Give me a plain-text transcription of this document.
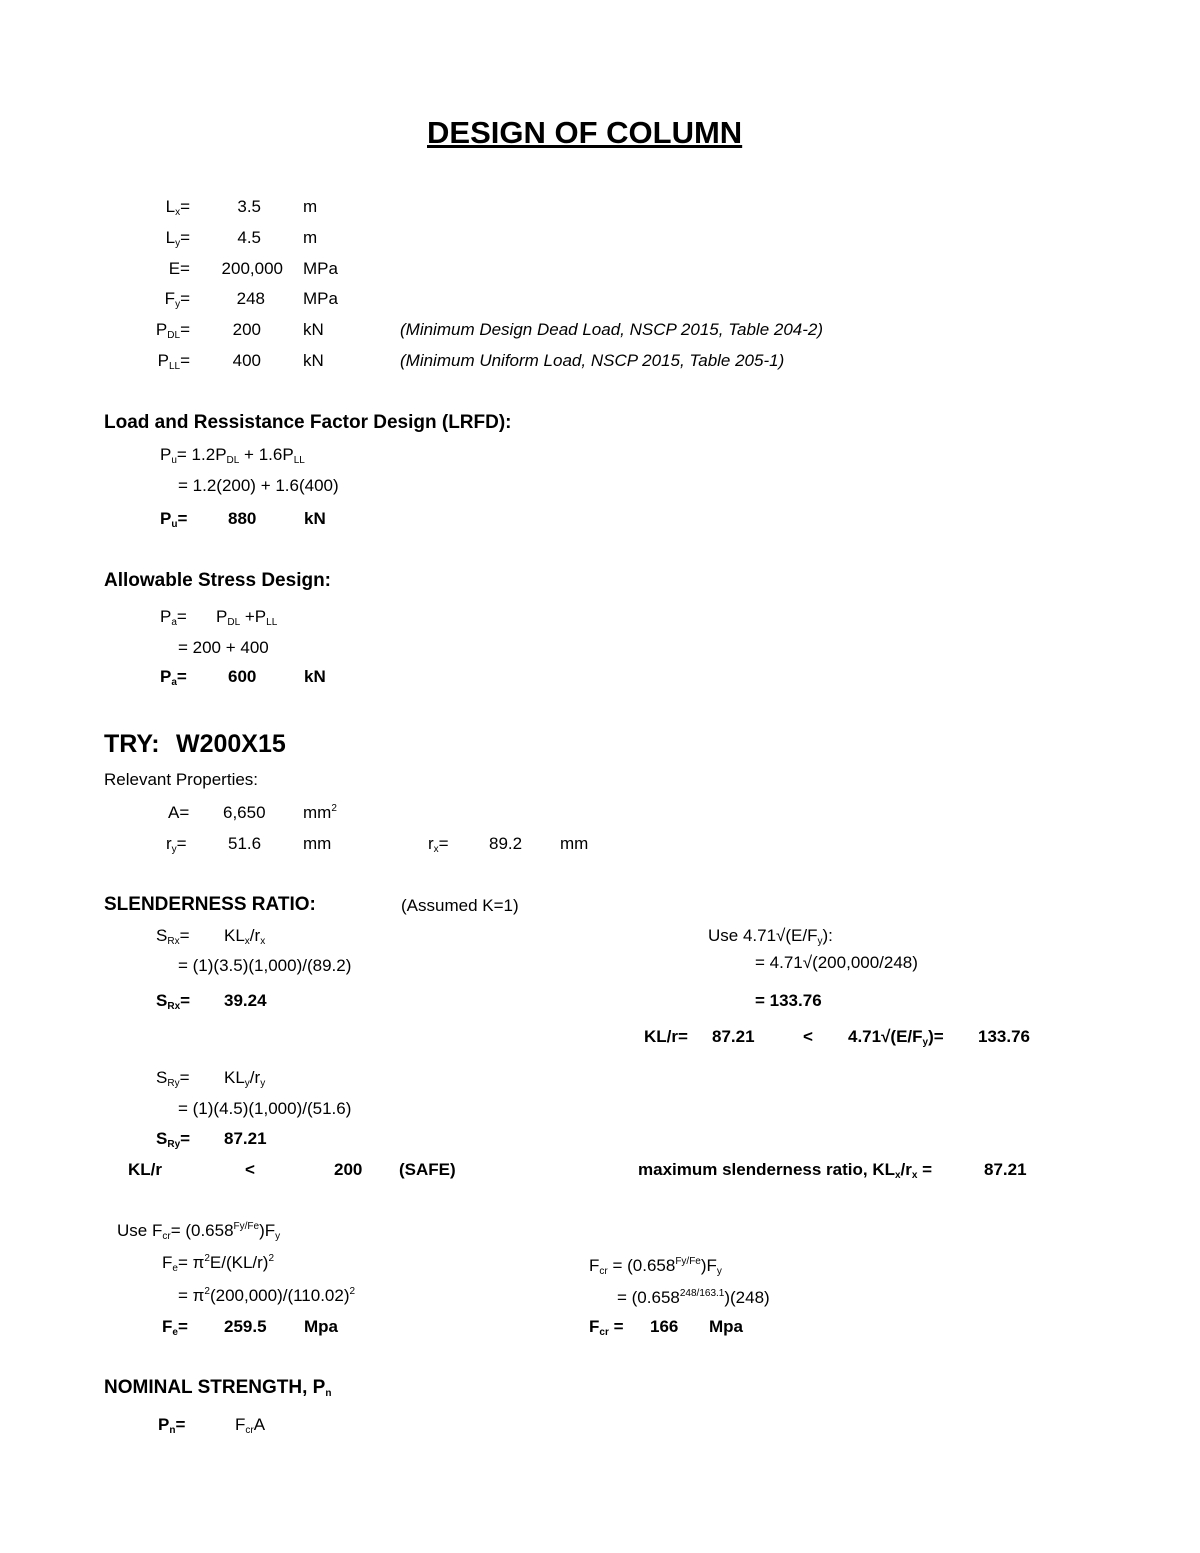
DESIGN OF COLUMN
$L_x=$	3.5 m
$L_y=$	4.5 m
E=	200,000 MPa
$F_y=$	248 MPa
$P_{DL}=$	200 kN	(Minimum Design Dead Load, NSCP 2015, Table 204-2)
$P_{LL}=$	400 kN	(Minimum Uniform Load, NSCP 2015, Table 205-1)
Load and Ressistance Factor Design (LRFD):
$P_u= 1.2P_{DL} + 1.6P_{LL}$
= 1.2(200) + 1.6(400)
$P_u= 880$	kN
Allowable Stress Design:
$P_a= P_{DL} +P_{LL}$
= 200 + 400
$P_a= 600$	kN
TRY: W200X15
Relevant Properties:
A= 6,650 $mm^2$
$r_y= 51.6$ mm	$r_x= 89.2$ mm
SLENDERNESS RATIO:	(Assumed K=1)
$S_{Rx}= KL_x/r_x$
= (1)(3.5)(1,000)/(89.2)
$S_{Rx}= 39.24$
Use $4.71√(E/F_y)$:
= 4.71√(200,000/248)
= 133.76
KL/r= 87.21	< $4.71√(E/F_y)= 133.76$
$S_{Ry}= KL_y/r_y$
= (1)(4.5)(1,000)/(51.6)
$S_{Ry}= 87.21$
KL/r	<	200 (SAFE)	maximum slenderness ratio, $KL_x/r_x$ =	87.21
Use $F_{cr}= (0.658^{Fy/Fe})F_y$
$F_e= \pi^2E/(KL/r)^2$
= $\pi^2(200,000)/(110.02)^2$
$F_e= 259.5$ Mpa
$F_{cr} = (0.658^{Fy/Fe})F_y$
= $(0.658^{248/163.1})(248)$
$F_{cr} = 166$ Mpa
NOMINAL STRENGTH, $P_n$
$P_n=$	$F_{cr}A$
